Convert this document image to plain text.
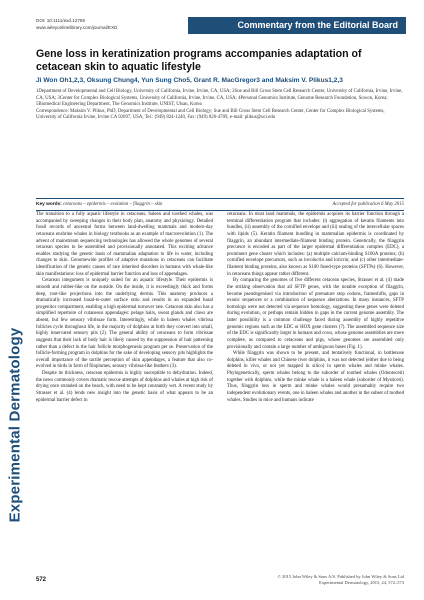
Experimental Dermatology
DOI: 10.1111/exd.12756
www.wileyonlinelibrary.com/journal/EXD	Commentary from the Editorial Board
Gene loss in keratinization programs accompanies adaptation of cetacean skin to aquatic lifestyle
Ji Won Oh1,2,3, Oksung Chung4, Yun Sung Cho5, Grant R. MacGregor3 and Maksim V. Plikus1,2,3
1Department of Developmental and Cell Biology, University of California, Irvine, Irvine, CA, USA; 2Sue and Bill Gross Stem Cell Research Center, University of California, Irvine, Irvine, CA, USA; 3Center for Complex Biological Systems, University of California, Irvine, Irvine, CA, USA; 4Personal Genomics Institute, Genome Research Foundation, Suwon, Korea; 5Biomedical Engineering Department, The Genomics Institute, UNIST, Ulsan, Korea
Correspondence: Maksim V. Plikus, PhD, Department of Developmental and Cell Biology; Sue and Bill Gross Stem Cell Research Center, Center for Complex Biological Systems, University of California Irvine, Irvine CA 92697, USA, Tel.: (949) 824-1240, Fax: (949) 826-4709, e-mail: plikus@uci.edu
Key words: cetaceans – epidermis – evolution – filaggrin – skin	Accepted for publication 6 May 2015

The transition to a fully aquatic lifestyle in cetaceans, baleen and toothed whales, was accompanied by sweeping changes in their body plan, anatomy and physiology. Detailed fossil records of ancestral forms between land-dwelling mammals and modern-day cetaceans enshrine whales in biology textbooks as an example of macroevolution (1). The advent of mainstream sequencing technologies has allowed the whole genomes of several cetacean species to be assembled and provisionally annotated. This exciting advance enables studying the genetic basis of mammalian adaptation to life in water, including changes to skin. Genomewide profiles of adaptive mutations in cetaceans can facilitate identification of the genetic causes of rare inherited disorders in humans with whale-like skin manifestations: loss of epidermal barrier function and loss of appendages.

Cetacean integument is uniquely suited for an aquatic lifestyle. Their epidermis is smooth and rubber-like on the outside. On the inside, it is exceedingly thick and forms deep, root-like projections into the underlying dermis. This anatomy produces a dramatically increased basal-to-outer surface ratio and results in an expanded basal progenitor compartment, enabling a high epidermal turnover rate. Cetacean skin also has a simplified repertoire of cutaneous appendages: pelage hairs, sweat glands and claws are absent, but few sensory vibrissae form. Interestingly, while in baleen whales vibrissa follicles cycle throughout life, in the majority of dolphins at birth they convert into small, highly innervated sensory pits (2). The general ability of cetaceans to form vibrissae suggests that their lack of body hair is likely caused by the suppression of hair patterning rather than a defect in the hair follicle morphogenesis program per se. Preservation of the follicle-forming program in dolphins for the sake of developing sensory pits highlights the overall importance of the tactile perception of skin appendages, a feature that also co-evolved in birds in form of filoplumes, sensory vibrissa-like feathers (3).

Despite its thickness, cetacean epidermis is highly susceptible to dehydration. Indeed, the news commonly covers dramatic rescue attempts of dolphins and whales at high risk of drying once stranded on the beach, with need to be kept constantly wet. A recent study by Strasser et al. (4) lends new insight into the genetic basis of what appears to be an epidermal barrier defect in

cetaceans. In most land mammals, the epidermis acquires its barrier function through a terminal differentiation program that includes: (i) aggregation of keratin filaments into bundles, (ii) assembly of the cornified envelope and (iii) sealing of the intercellular spaces with lipids (5). Keratin filament bundling in mammalian epidermis is coordinated by filaggrin, an abundant intermediate-filament binding protein. Genetically, the filaggrin precursor is encoded as part of the larger epidermal differentiation complex (EDC), a prominent gene cluster which includes: (a) multiple calcium-binding S100A proteins; (b) cornified envelope precursors, such as involucrin and loricrin; and (c) other intermediate-filament binding proteins, also known as S100 fused-type proteins (SFTPs) (6). However, in cetaceans things appear rather different.

By comparing the genomes of five different cetacean species, Strasser et al. (4) made the striking observation that all SFTP genes, with the notable exception of filaggrin, become pseudogenised via introduction of premature stop codons, frameshifts, gaps in exonic sequences or a combination of sequence aberrations. In many instances, SFTP homologs were not detected via sequence homology, suggesting these genes were deleted during evolution, or perhaps remain hidden in gaps in the current genome assembly. The latter possibility is a common challenge faced during assembly of highly repetitive genomic regions such as the EDC or HOX gene clusters (7). The assembled sequence size of the EDC is significantly larger in humans and cows, whose genome assemblies are more complete, as compared to cetaceans and pigs, whose genomes are assembled only provisionally and contain a large number of ambiguous bases (Fig. 1).

While filaggrin was shown to be present, and tentatively functional, in bottlenose dolphins, killer whales and Chinese river dolphins, it was not detected (either due to being deleted in vivo, or not yet mapped in silico) in sperm whales and minke whales. Phylogenetically, sperm whales belong to the suborder of toothed whales (Odontoceti) together with dolphins, while the minke whale is a baleen whale (suborder of Mysticeti). Thus, filaggrin loss in sperm and minke whales would presumably require two independent evolutionary events, one in baleen whales and another in the subset of toothed whales. Studies in mice and humans indicate

572
© 2015 John Wiley & Sons A/S. Published by John Wiley & Sons Ltd
Experimental Dermatology, 2015, 24, 572–573
